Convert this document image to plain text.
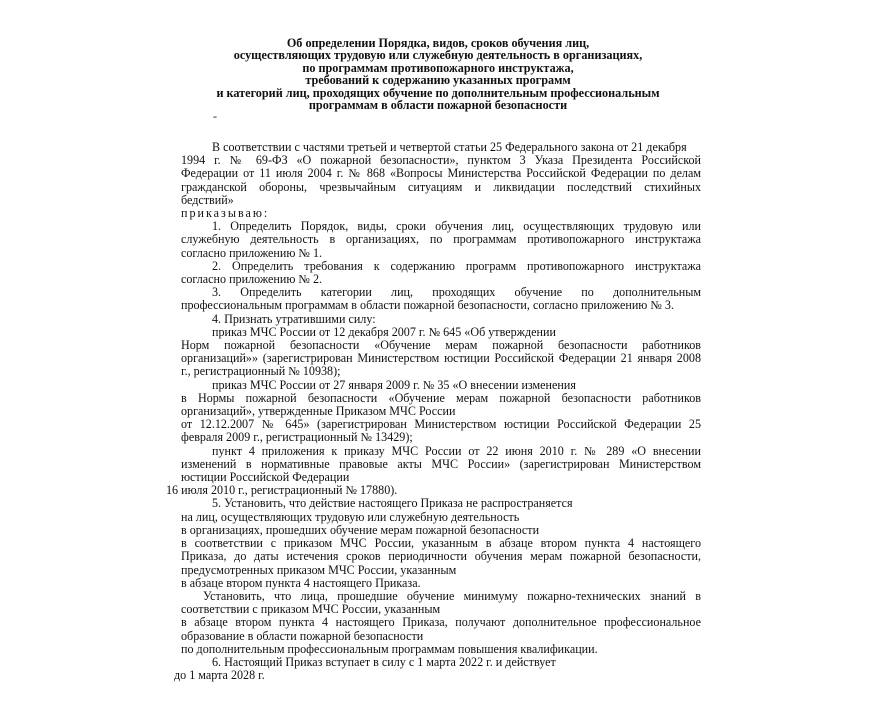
Об определении Порядка, видов, сроков обучения лиц,
осуществляющих трудовую или служебную деятельность в организациях,
по программам противопожарного инструктажа,
требований к содержанию указанных программ
и категорий лиц, проходящих обучение по дополнительным профессиональным
программам в области пожарной безопасности
-
В соответствии с частями третьей и четвертой статьи 25 Федерального закона от 21 декабря
1994 г. № 69-ФЗ «О пожарной безопасности», пунктом 3 Указа Президента Российской
Федерации от 11 июля 2004 г. № 868 «Вопросы Министерства Российской Федерации по делам
гражданской обороны, чрезвычайным ситуациям и ликвидации последствий стихийных
бедствий»
приказываю:
1. Определить Порядок, виды, сроки обучения лиц, осуществляющих трудовую или
служебную деятельность в организациях, по программам противопожарного инструктажа
согласно приложению № 1.
2. Определить требования к содержанию программ противопожарного инструктажа
согласно приложению № 2.
3. Определить категории лиц, проходящих обучение по дополнительным
профессиональным программам в области пожарной безопасности, согласно приложению № 3.
4. Признать утратившими силу:
приказ МЧС России от 12 декабря 2007 г. № 645 «Об утверждении
Норм пожарной безопасности «Обучение мерам пожарной безопасности работников
организаций»» (зарегистрирован Министерством юстиции Российской Федерации 21 января 2008
г., регистрационный № 10938);
приказ МЧС России от 27 января 2009 г. № 35 «О внесении изменения
в Нормы пожарной безопасности «Обучение мерам пожарной безопасности работников
организаций», утвержденные Приказом МЧС России
от 12.12.2007 № 645» (зарегистрирован Министерством юстиции Российской Федерации 25
февраля 2009 г., регистрационный № 13429);
пункт 4 приложения к приказу МЧС России от 22 июня 2010 г. № 289 «О внесении
изменений в нормативные правовые акты МЧС России» (зарегистрирован Министерством
юстиции Российской Федерации
16 июля 2010 г., регистрационный № 17880).
5. Установить, что действие настоящего Приказа не распространяется
на лиц, осуществляющих трудовую или служебную деятельность
в организациях, прошедших обучение мерам пожарной безопасности
в соответствии с приказом МЧС России, указанным в абзаце втором пункта 4 настоящего
Приказа, до даты истечения сроков периодичности обучения мерам пожарной безопасности,
предусмотренных приказом МЧС России, указанным
в абзаце втором пункта 4 настоящего Приказа.
Установить, что лица, прошедшие обучение минимуму пожарно-технических знаний в
соответствии с приказом МЧС России, указанным
в абзаце втором пункта 4 настоящего Приказа, получают дополнительное профессиональное
образование в области пожарной безопасности
по дополнительным профессиональным программам повышения квалификации.
6. Настоящий Приказ вступает в силу с 1 марта 2022 г. и действует
до 1 марта 2028 г.
